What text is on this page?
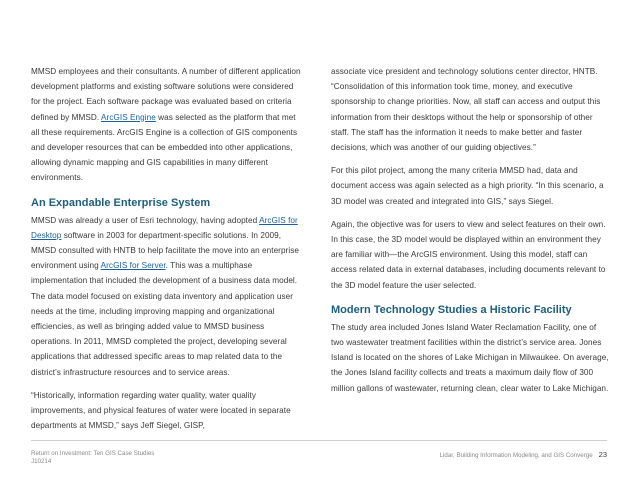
MMSD employees and their consultants. A number of different application development platforms and existing software solutions were considered for the project. Each software package was evaluated based on criteria defined by MMSD. ArcGIS Engine was selected as the platform that met all these requirements. ArcGIS Engine is a collection of GIS components and developer resources that can be embedded into other applications, allowing dynamic mapping and GIS capabilities in many different environments.

An Expandable Enterprise System

MMSD was already a user of Esri technology, having adopted ArcGIS for Desktop software in 2003 for department-specific solutions. In 2009, MMSD consulted with HNTB to help facilitate the move into an enterprise environment using ArcGIS for Server. This was a multiphase implementation that included the development of a business data model. The data model focused on existing data inventory and application user needs at the time, including improving mapping and organizational efficiencies, as well as bringing added value to MMSD business operations. In 2011, MMSD completed the project, developing several applications that addressed specific areas to map related data to the district’s infrastructure resources and to service areas.

“Historically, information regarding water quality, water quality improvements, and physical features of water were located in separate departments at MMSD,” says Jeff Siegel, GISP,

associate vice president and technology solutions center director, HNTB. “Consolidation of this information took time, money, and executive sponsorship to change priorities. Now, all staff can access and output this information from their desktops without the help or sponsorship of other staff. The staff has the information it needs to make better and faster decisions, which was another of our guiding objectives.”

For this pilot project, among the many criteria MMSD had, data and document access was again selected as a high priority. “In this scenario, a 3D model was created and integrated into GIS,” says Siegel.

Again, the objective was for users to view and select features on their own. In this case, the 3D model would be displayed within an environment they are familiar with—the ArcGIS environment. Using this model, staff can access related data in external databases, including documents relevant to the 3D model feature the user selected.

Modern Technology Studies a Historic Facility

The study area included Jones Island Water Reclamation Facility, one of two wastewater treatment facilities within the district’s service area. Jones Island is located on the shores of Lake Michigan in Milwaukee. On average, the Jones Island facility collects and treats a maximum daily flow of 300 million gallons of wastewater, returning clean, clear water to Lake Michigan.

Return on Investment: Ten GIS Case Studies
J10214
Lidar, Building Information Modeling, and GIS Converge 23
